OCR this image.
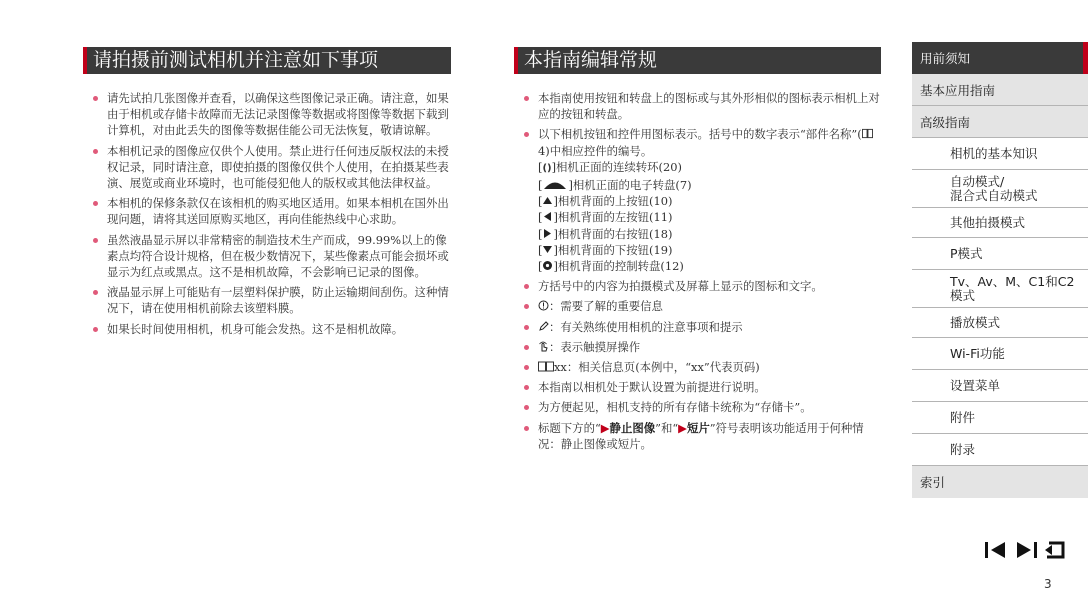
请拍摄前测试相机并注意如下事项
请先试拍几张图像并查看，以确保这些图像记录正确。请注意，如果由于相机或存储卡故障而无法记录图像等数据或将图像等数据下载到计算机，对由此丢失的图像等数据佳能公司无法恢复，敬请谅解。
本相机记录的图像应仅供个人使用。禁止进行任何违反版权法的未授权记录，同时请注意，即使拍摄的图像仅供个人使用，在拍摄某些表演、展览或商业环境时，也可能侵犯他人的版权或其他法律权益。
本相机的保修条款仅在该相机的购买地区适用。如果本相机在国外出现问题，请将其送回原购买地区，再向佳能热线中心求助。
虽然液晶显示屏以非常精密的制造技术生产而成，99.99%以上的像素点均符合设计规格，但在极少数情况下，某些像素点可能会损坏或显示为红点或黑点。这不是相机故障，不会影响已记录的图像。
液晶显示屏上可能贴有一层塑料保护膜，防止运输期间刮伤。这种情况下，请在使用相机前除去该塑料膜。
如果长时间使用相机，机身可能会发热。这不是相机故障。
本指南编辑常规
本指南使用按钮和转盘上的图标或与其外形相似的图标表示相机上对应的按钮和转盘。
以下相机按钮和控件用图标表示。括号中的数字表示“部件名称”(4)中相应控件的编号。
[()]相机正面的连续转环(20)
[ ]相机正面的电子转盘(7)
[ ]相机背面的上按钮(10)
[ ]相机背面的左按钮(11)
[ ]相机背面的右按钮(18)
[ ]相机背面的下按钮(19)
[ ]相机背面的控制转盘(12)
方括号中的内容为拍摄模式及屏幕上显示的图标和文字。
：需要了解的重要信息
：有关熟练使用相机的注意事项和提示
：表示触摸屏操作
xx：相关信息页(本例中，“xx”代表页码)
本指南以相机处于默认设置为前提进行说明。
为方便起见，相机支持的所有存储卡统称为“存储卡”。
标题下方的“▶静止图像”和“▶短片”符号表明该功能适用于何种情况：静止图像或短片。
用前须知
基本应用指南
高级指南
相机的基本知识
自动模式/
混合式自动模式
其他拍摄模式
P模式
Tv、Av、M、C1和C2
模式
播放模式
Wi-Fi功能
设置菜单
附件
附录
索引
3
